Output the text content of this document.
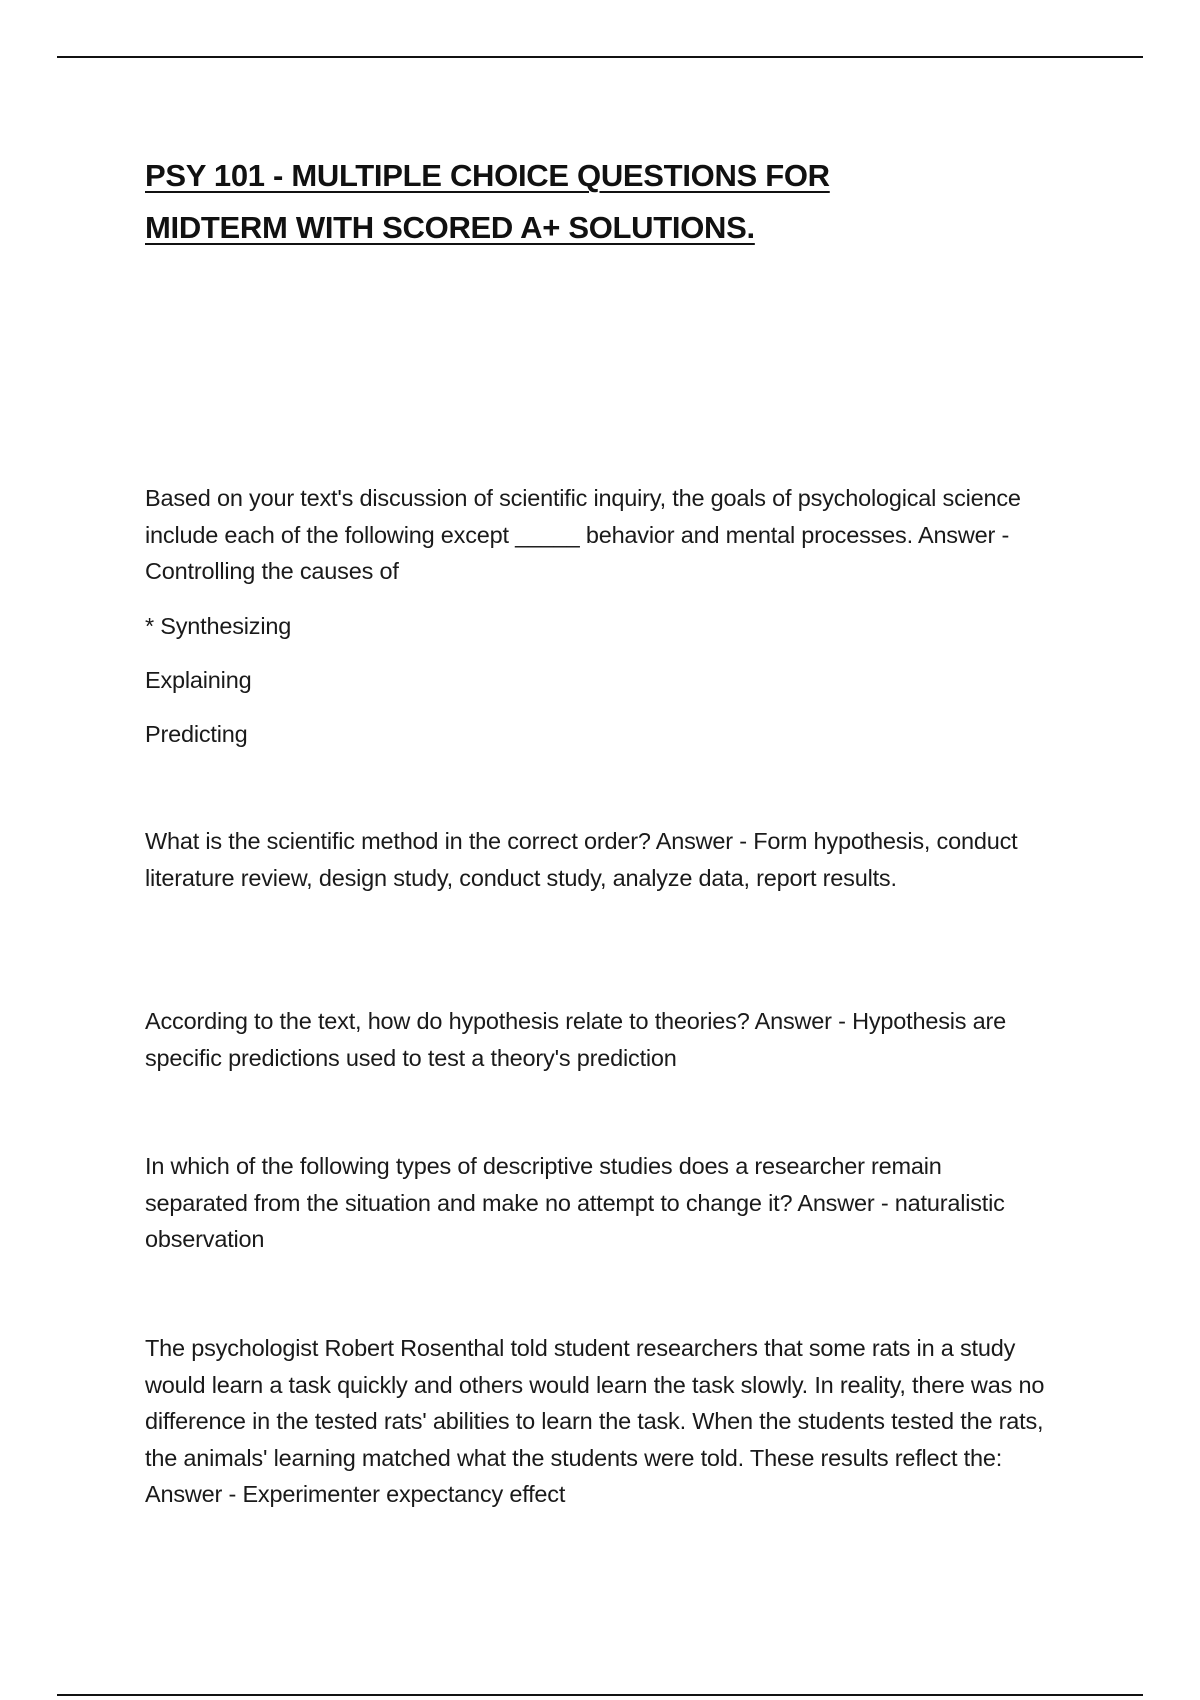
PSY 101 - MULTIPLE CHOICE QUESTIONS FOR
MIDTERM WITH SCORED A+ SOLUTIONS.

Based on your text's discussion of scientific inquiry, the goals of psychological science include each of the following except _____ behavior and mental processes. Answer - Controlling the causes of

* Synthesizing

Explaining

Predicting

What is the scientific method in the correct order? Answer - Form hypothesis, conduct literature review, design study, conduct study, analyze data, report results.

According to the text, how do hypothesis relate to theories? Answer - Hypothesis are specific predictions used to test a theory's prediction

In which of the following types of descriptive studies does a researcher remain separated from the situation and make no attempt to change it? Answer - naturalistic observation

The psychologist Robert Rosenthal told student researchers that some rats in a study would learn a task quickly and others would learn the task slowly. In reality, there was no difference in the tested rats' abilities to learn the task. When the students tested the rats, the animals' learning matched what the students were told. These results reflect the: Answer - Experimenter expectancy effect
